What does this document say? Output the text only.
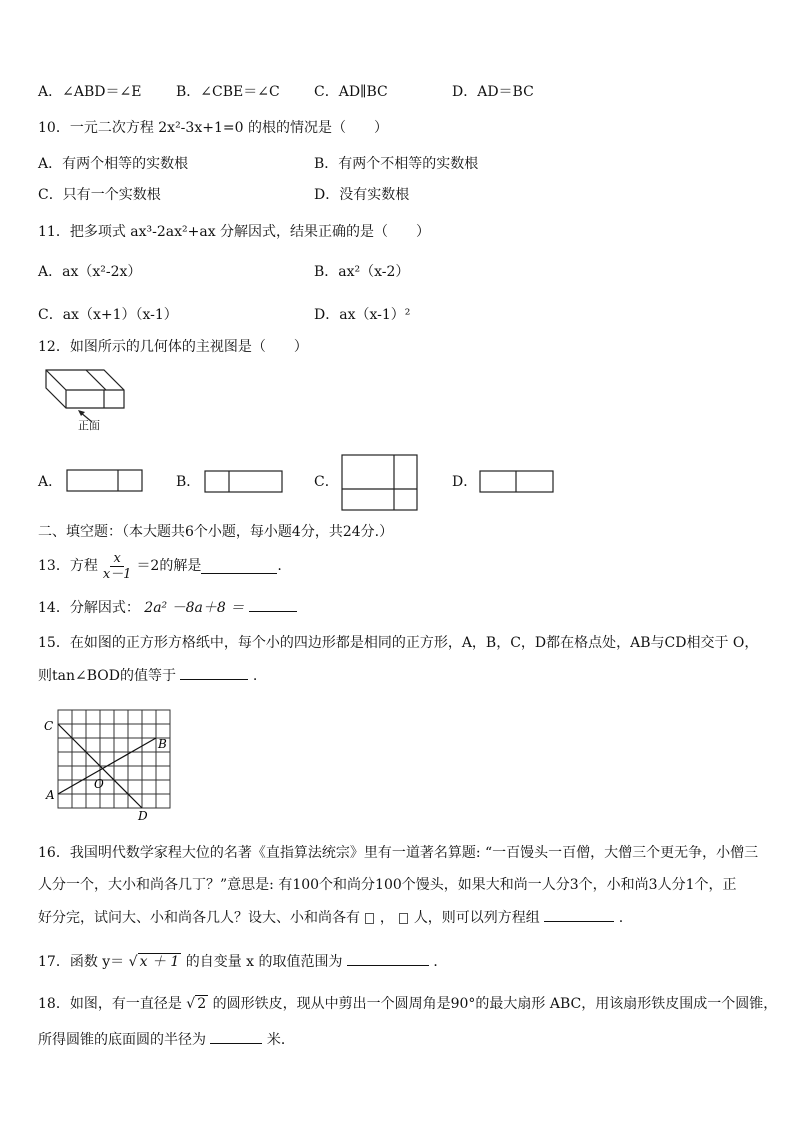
A．∠ABD＝∠E B．∠CBE＝∠C C．AD∥BC	D．AD＝BC
10．一元二次方程 2x²-3x+1=0 的根的情况是（　　）
A．有两个相等的实数根	B．有两个不相等的实数根
C．只有一个实数根	D．没有实数根
11．把多项式 ax³-2ax²+ax 分解因式，结果正确的是（　　）
A．ax（x²-2x）	B．ax²（x-2）
C．ax（x+1）（x-1）	D．ax（x-1）²
12．如图所示的几何体的主视图是（　　）
正面
A．	B．	C．	D．
二、填空题：（本大题共6个小题，每小题4分，共24分.）
13．方程 $\frac{x}{x-1} =2$ 的解是	.
14．分解因式： 2a² －8a＋8 ＝
15．在如图的正方形方格纸中，每个小的四边形都是相同的正方形，A，B，C，D都在格点处，AB与CD相交于 O，
则tan∠BOD的值等于	.
C
B
A
O
D
16．我国明代数学家程大位的名著《直指算法统宗》里有一道著名算题: “一百馒头一百僧，大僧三个更无争，小僧三
人分一个，大小和尚各几丁？”意思是: 有100个和尚分100个馒头，如果大和尚一人分3个，小和尚3人分1个，正
好分完，试问大、小和尚各几人？设大、小和尚各有 ， 人，则可以列方程组	.
17．函数 y＝ √ x ＋ 1 的自变量 x 的取值范围为	．
18．如图，有一直径是 √ 2 的圆形铁皮，现从中剪出一个圆周角是90°的最大扇形 ABC，用该扇形铁皮围成一个圆锥，
所得圆锥的底面圆的半径为	米．
